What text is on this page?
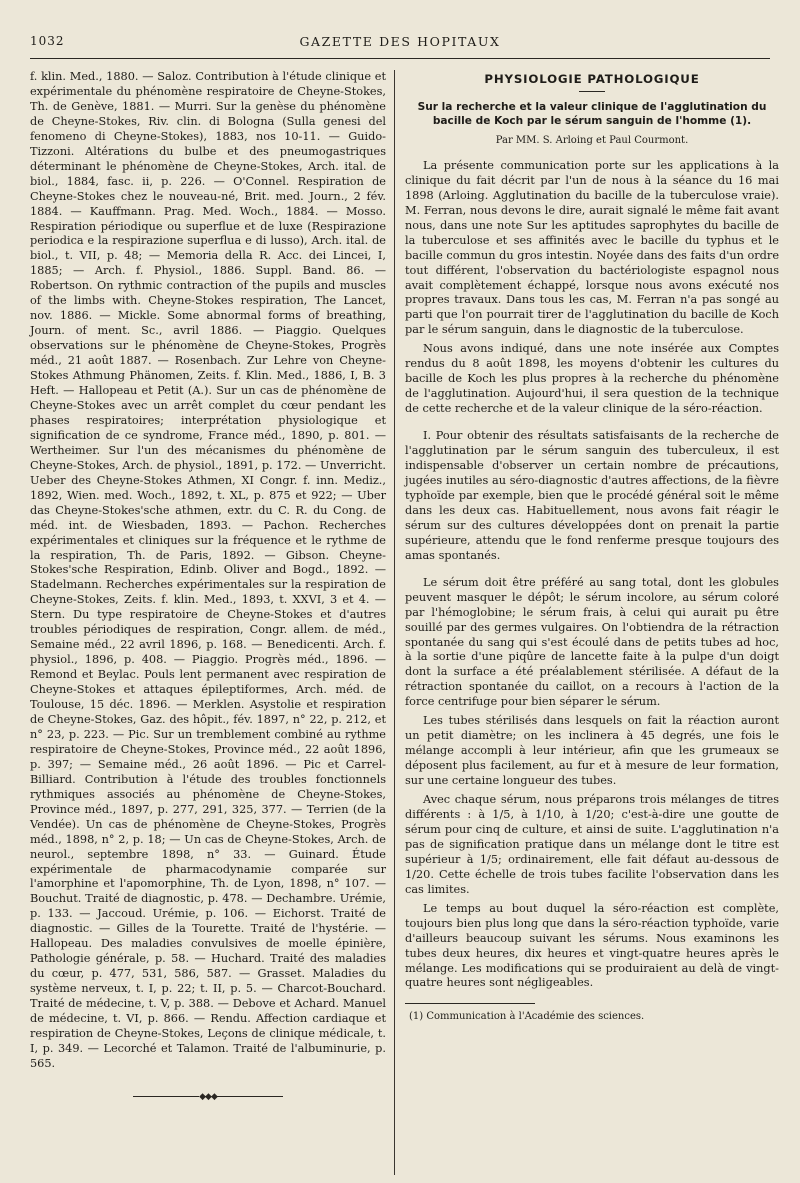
1032	GAZETTE DES HOPITAUX

f. klin. Med., 1880. — Saloz. Contribution à l'étude clinique et expérimentale du phénomène respiratoire de Cheyne-Stokes, Th. de Genève, 1881. — Murri. Sur la genèse du phénomène de Cheyne-Stokes, Riv. clin. di Bologna (Sulla genesi del fenomeno di Cheyne-Stokes), 1883, nos 10-11. — Guido-Tizzoni. Altérations du bulbe et des pneumogastriques déterminant le phénomène de Cheyne-Stokes, Arch. ital. de biol., 1884, fasc. ii, p. 226. — O'Connel. Respiration de Cheyne-Stokes chez le nouveau-né, Brit. med. Journ., 2 fév. 1884. — Kauffmann. Prag. Med. Woch., 1884. — Mosso. Respiration périodique ou superflue et de luxe (Respirazione periodica e la respirazione superflua e di lusso), Arch. ital. de biol., t. VII, p. 48; — Memoria della R. Acc. dei Lincei, I, 1885; — Arch. f. Physiol., 1886. Suppl. Band. 86. — Robertson. On rythmic contraction of the pupils and muscles of the limbs with. Cheyne-Stokes respiration, The Lancet, nov. 1886. — Mickle. Some abnormal forms of breathing, Journ. of ment. Sc., avril 1886. — Piaggio. Quelques observations sur le phénomène de Cheyne-Stokes, Progrès méd., 21 août 1887. — Rosenbach. Zur Lehre von Cheyne-Stokes Athmung Phänomen, Zeits. f. Klin. Med., 1886, I, B. 3 Heft. — Hallopeau et Petit (A.). Sur un cas de phénomène de Cheyne-Stokes avec un arrêt complet du cœur pendant les phases respiratoires; interprétation physiologique et signification de ce syndrome, France méd., 1890, p. 801. — Wertheimer. Sur l'un des mécanismes du phénomène de Cheyne-Stokes, Arch. de physiol., 1891, p. 172. — Unverricht. Ueber des Cheyne-Stokes Athmen, XI Congr. f. inn. Mediz., 1892, Wien. med. Woch., 1892, t. XL, p. 875 et 922; — Uber das Cheyne-Stokes'sche athmen, extr. du C. R. du Cong. de méd. int. de Wiesbaden, 1893. — Pachon. Recherches expérimentales et cliniques sur la fréquence et le rythme de la respiration, Th. de Paris, 1892. — Gibson. Cheyne-Stokes'sche Respiration, Edinb. Oliver and Bogd., 1892. — Stadelmann. Recherches expérimentales sur la respiration de Cheyne-Stokes, Zeits. f. klin. Med., 1893, t. XXVI, 3 et 4. — Stern. Du type respiratoire de Cheyne-Stokes et d'autres troubles périodiques de respiration, Congr. allem. de méd., Semaine méd., 22 avril 1896, p. 168. — Benedicenti. Arch. f. physiol., 1896, p. 408. — Piaggio. Progrès méd., 1896. — Remond et Beylac. Pouls lent permanent avec respiration de Cheyne-Stokes et attaques épileptiformes, Arch. méd. de Toulouse, 15 déc. 1896. — Merklen. Asystolie et respiration de Cheyne-Stokes, Gaz. des hôpit., fév. 1897, n° 22, p. 212, et n° 23, p. 223. — Pic. Sur un tremblement combiné au rythme respiratoire de Cheyne-Stokes, Province méd., 22 août 1896, p. 397; — Semaine méd., 26 août 1896. — Pic et Carrel-Billiard. Contribution à l'étude des troubles fonctionnels rythmiques associés au phénomène de Cheyne-Stokes, Province méd., 1897, p. 277, 291, 325, 377. — Terrien (de la Vendée). Un cas de phénomène de Cheyne-Stokes, Progrès méd., 1898, n° 2, p. 18; — Un cas de Cheyne-Stokes, Arch. de neurol., septembre 1898, n° 33. — Guinard. Étude expérimentale de pharmacodynamie comparée sur l'amorphine et l'apomorphine, Th. de Lyon, 1898, n° 107. — Bouchut. Traité de diagnostic, p. 478. — Dechambre. Urémie, p. 133. — Jaccoud. Urémie, p. 106. — Eichorst. Traité de diagnostic. — Gilles de la Tourette. Traité de l'hystérie. — Hallopeau. Des maladies convulsives de moelle épinière, Pathologie générale, p. 58. — Huchard. Traité des maladies du cœur, p. 477, 531, 586, 587. — Grasset. Maladies du système nerveux, t. I, p. 22; t. II, p. 5. — Charcot-Bouchard. Traité de médecine, t. V, p. 388. — Debove et Achard. Manuel de médecine, t. VI, p. 866. — Rendu. Affection cardiaque et respiration de Cheyne-Stokes, Leçons de clinique médicale, t. I, p. 349. — Lecorché et Talamon. Traité de l'albuminurie, p. 565.

◆◆◆
PHYSIOLOGIE PATHOLOGIQUE
Sur la recherche et la valeur clinique de l'agglutination du bacille de Koch par le sérum sanguin de l'homme (1).
Par MM. S. Arloing et Paul Courmont.

La présente communication porte sur les applications à la clinique du fait décrit par l'un de nous à la séance du 16 mai 1898 (Arloing. Agglutination du bacille de la tuberculose vraie). M. Ferran, nous devons le dire, aurait signalé le même fait avant nous, dans une note Sur les aptitudes saprophytes du bacille de la tuberculose et ses affinités avec le bacille du typhus et le bacille commun du gros intestin. Noyée dans des faits d'un ordre tout différent, l'observation du bactériologiste espagnol nous avait complètement échappé, lorsque nous avons exécuté nos propres travaux. Dans tous les cas, M. Ferran n'a pas songé au parti que l'on pourrait tirer de l'agglutination du bacille de Koch par le sérum sanguin, dans le diagnostic de la tuberculose.

Nous avons indiqué, dans une note insérée aux Comptes rendus du 8 août 1898, les moyens d'obtenir les cultures du bacille de Koch les plus propres à la recherche du phénomène de l'agglutination. Aujourd'hui, il sera question de la technique de cette recherche et de la valeur clinique de la séro-réaction.

I. Pour obtenir des résultats satisfaisants de la recherche de l'agglutination par le sérum sanguin des tuberculeux, il est indispensable d'observer un certain nombre de précautions, jugées inutiles au séro-diagnostic d'autres affections, de la fièvre typhoïde par exemple, bien que le procédé général soit le même dans les deux cas. Habituellement, nous avons fait réagir le sérum sur des cultures développées dont on prenait la partie supérieure, attendu que le fond renferme presque toujours des amas spontanés.

Le sérum doit être préféré au sang total, dont les globules peuvent masquer le dépôt; le sérum incolore, au sérum coloré par l'hémoglobine; le sérum frais, à celui qui aurait pu être souillé par des germes vulgaires. On l'obtiendra de la rétraction spontanée du sang qui s'est écoulé dans de petits tubes ad hoc, à la sortie d'une piqûre de lancette faite à la pulpe d'un doigt dont la surface a été préalablement stérilisée. A défaut de la rétraction spontanée du caillot, on a recours à l'action de la force centrifuge pour bien séparer le sérum.

Les tubes stérilisés dans lesquels on fait la réaction auront un petit diamètre; on les inclinera à 45 degrés, une fois le mélange accompli à leur intérieur, afin que les grumeaux se déposent plus facilement, au fur et à mesure de leur formation, sur une certaine longueur des tubes.

Avec chaque sérum, nous préparons trois mélanges de titres différents : à 1/5, à 1/10, à 1/20; c'est-à-dire une goutte de sérum pour cinq de culture, et ainsi de suite. L'agglutination n'a pas de signification pratique dans un mélange dont le titre est supérieur à 1/5; ordinairement, elle fait défaut au-dessous de 1/20. Cette échelle de trois tubes facilite l'observation dans les cas limites.

Le temps au bout duquel la séro-réaction est complète, toujours bien plus long que dans la séro-réaction typhoïde, varie d'ailleurs beaucoup suivant les sérums. Nous examinons les tubes deux heures, dix heures et vingt-quatre heures après le mélange. Les modifications qui se produiraient au delà de vingt-quatre heures sont négligeables.

(1) Communication à l'Académie des sciences.
